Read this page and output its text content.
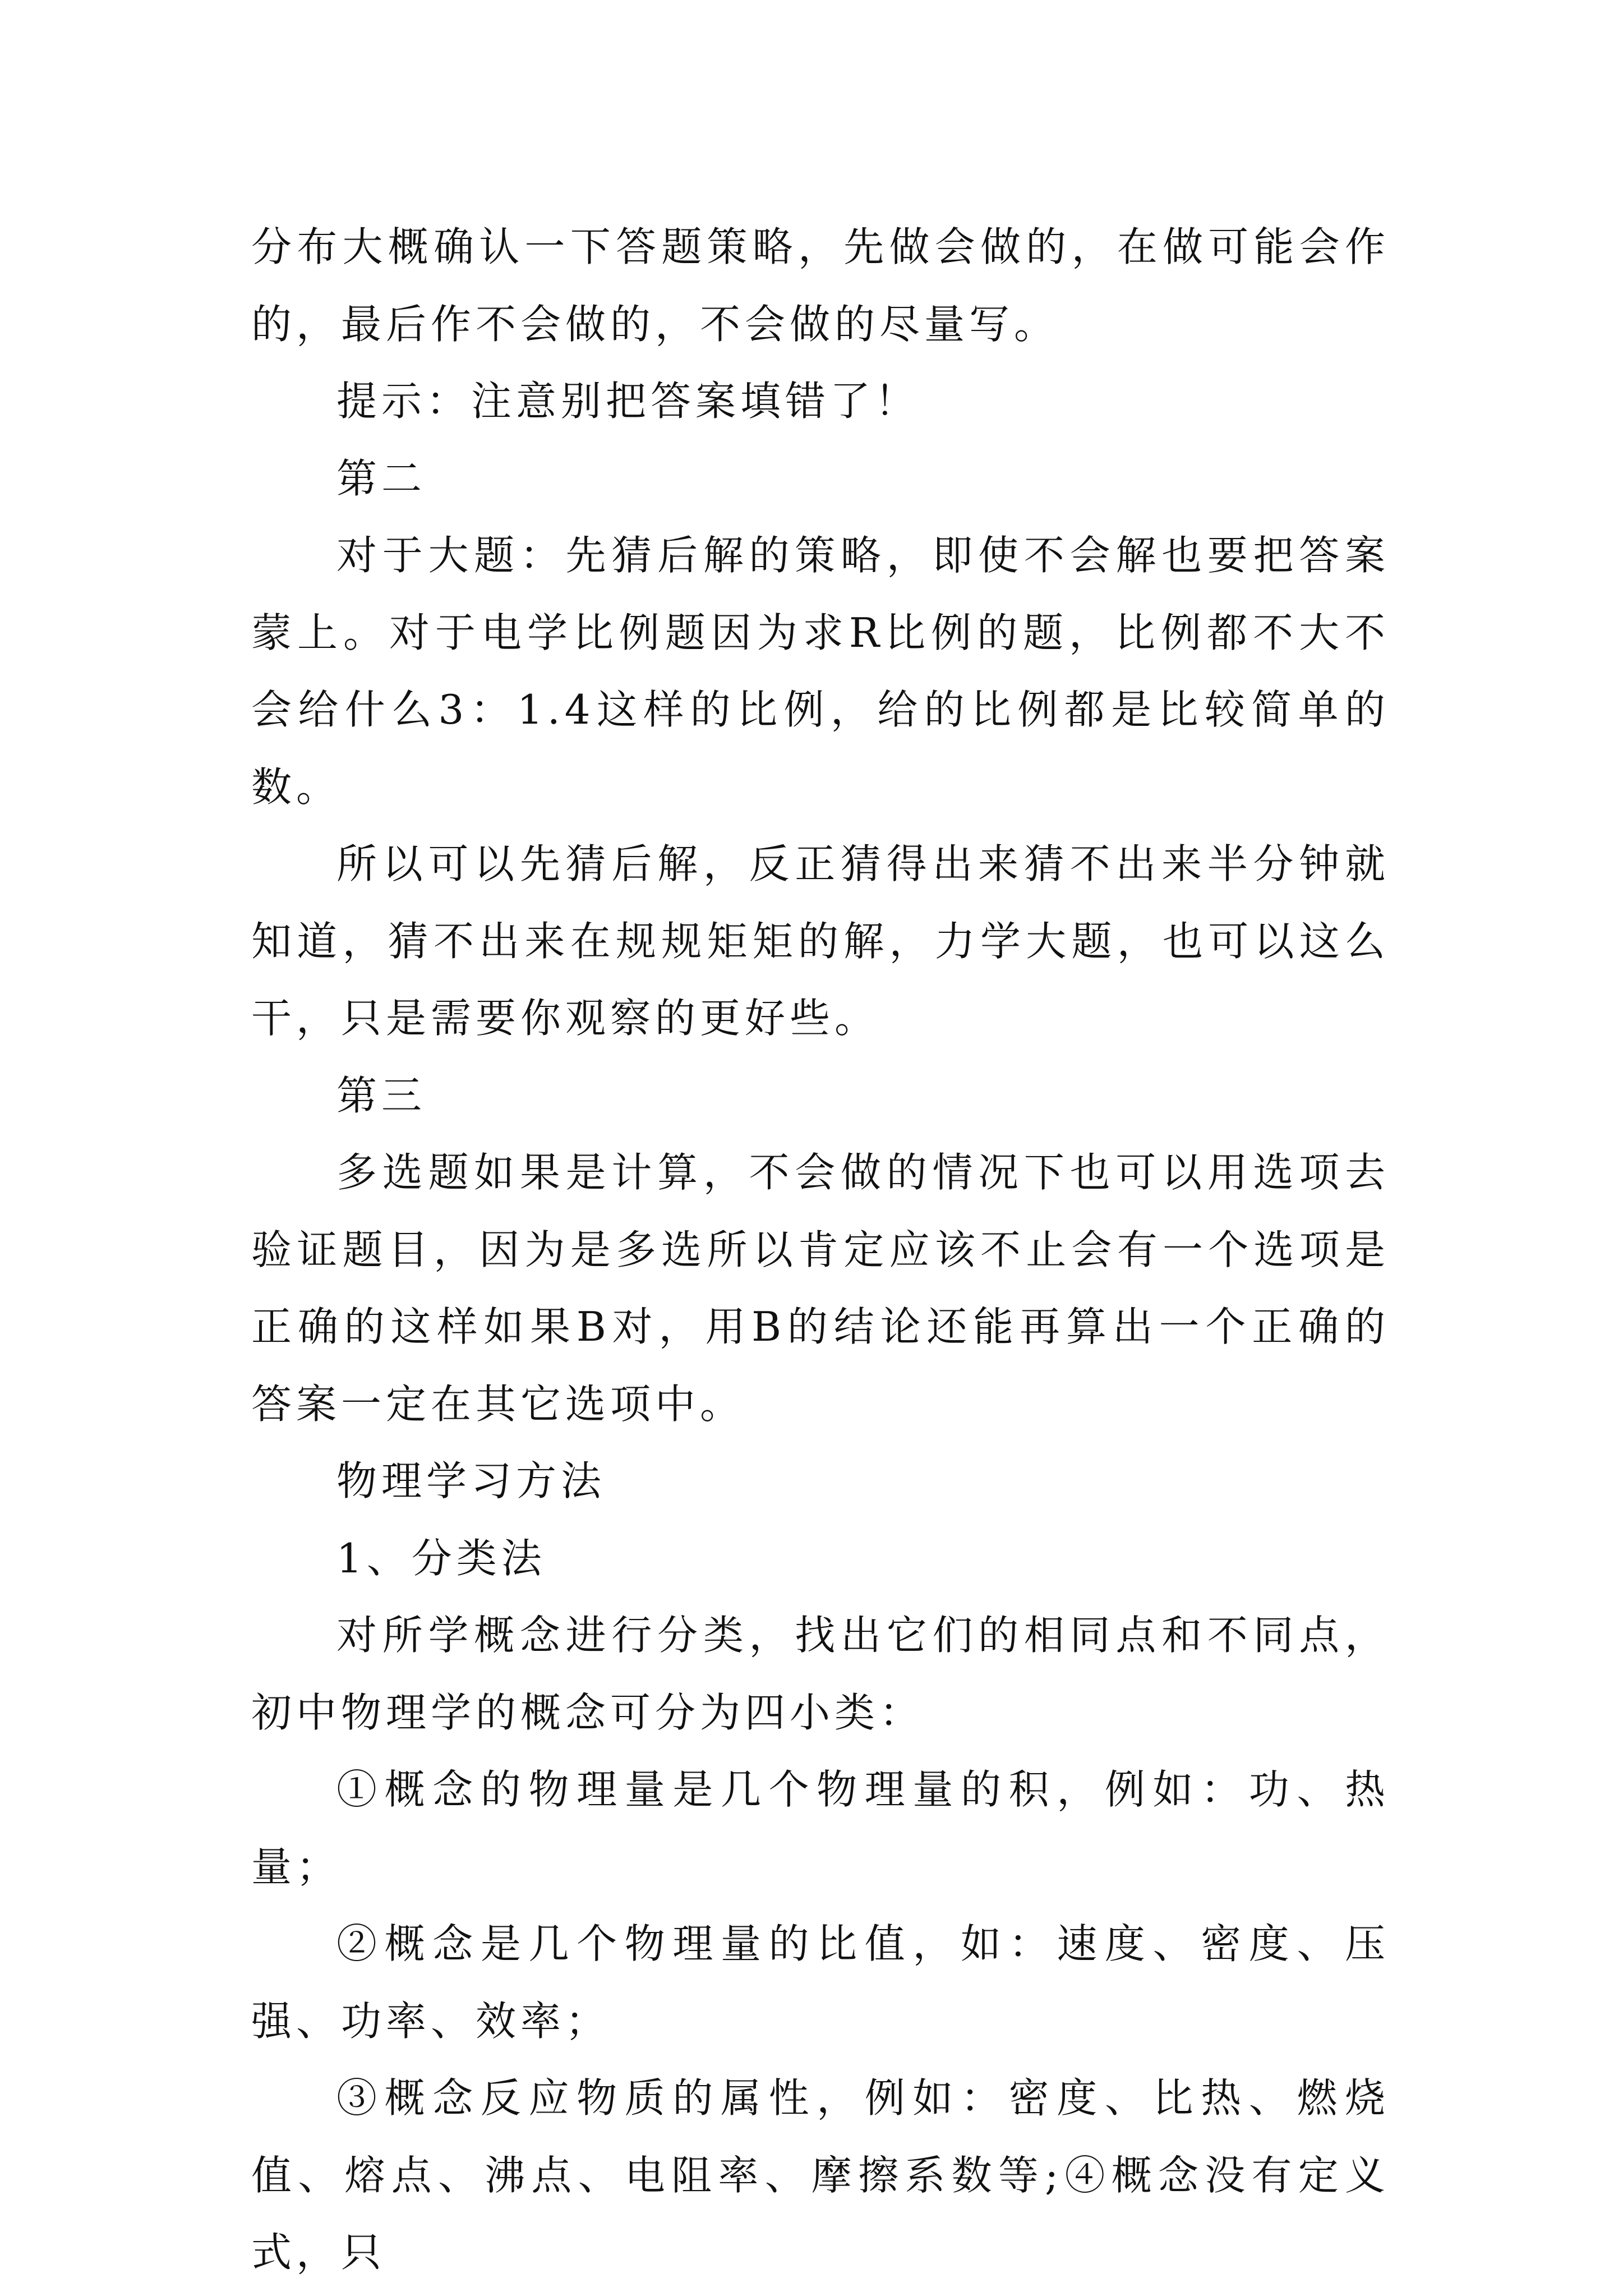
分布大概确认一下答题策略，先做会做的，在做可能会作的，最后作不会做的，不会做的尽量写。

提示：注意别把答案填错了！

第二

对于大题：先猜后解的策略，即使不会解也要把答案蒙上。对于电学比例题因为求R比例的题，比例都不大不会给什么3：1.4这样的比例，给的比例都是比较简单的数。

所以可以先猜后解，反正猜得出来猜不出来半分钟就知道，猜不出来在规规矩矩的解，力学大题，也可以这么干，只是需要你观察的更好些。

第三

多选题如果是计算，不会做的情况下也可以用选项去验证题目，因为是多选所以肯定应该不止会有一个选项是正确的这样如果B对，用B的结论还能再算出一个正确的答案一定在其它选项中。

物理学习方法

1、分类法

对所学概念进行分类，找出它们的相同点和不同点，初中物理学的概念可分为四小类：

①概念的物理量是几个物理量的积，例如：功、热量；

②概念是几个物理量的比值，如：速度、密度、压强、功率、效率；

③概念反应物质的属性，例如：密度、比热、燃烧值、熔点、沸点、电阻率、摩擦系数等;④概念没有定义式，只
